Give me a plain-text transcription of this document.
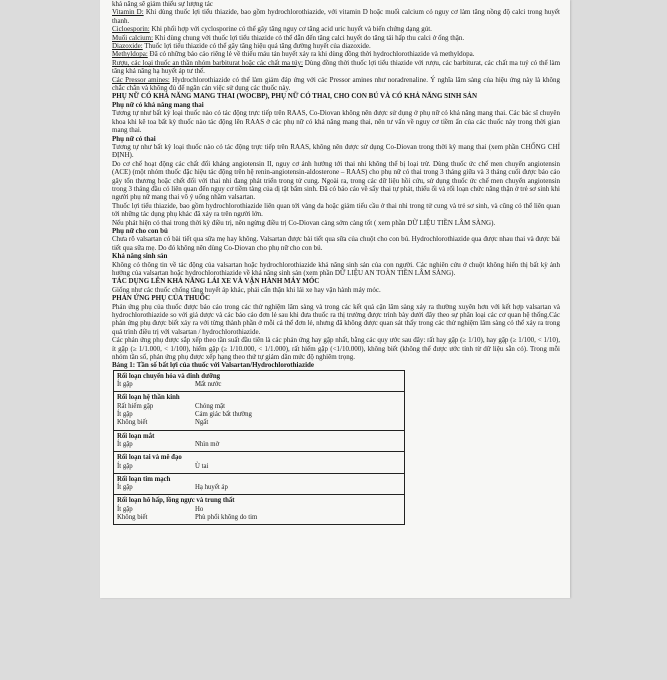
khả năng sẽ giảm thiểu sự lượng tác

Vitamin D: Khi dùng thuốc lợi tiểu thiazide, bao gồm hydrochlorothiazide, với vitamin D hoặc muối calcium có nguy cơ làm tăng nồng độ calci trong huyết thanh.

Cicloesporin: Khi phối hợp với cyclosporine có thể gây tăng nguy cơ tăng acid uric huyết và biến chứng dạng gút.

Muối calcium: Khi dùng chung với thuốc lợi tiểu thiazide có thể dẫn đến tăng calci huyết do tăng tái hấp thu calci ở ống thận.

Diazoxide: Thuốc lợi tiểu thiazide có thể gây tăng hiệu quả tăng đường huyết của diazoxide.

Methyldopa: Đã có những báo cáo riêng lẻ về thiếu máu tán huyết xảy ra khi dùng đồng thời hydrochlorothiazide và methyldopa.

Rượu, các loại thuốc an thần nhóm barbiturat hoặc các chất ma túy: Dùng đồng thời thuốc lợi tiểu thiazide với rượu, các barbiturat, các chất ma tuý có thể làm tăng khả năng hạ huyết áp tư thế.

Các Pressor amines: Hydrochlorothiazide có thể làm giảm đáp ứng với các Pressor amines như noradrenaline. Ý nghĩa lâm sàng của hiệu ứng này là không chắc chắn và không đủ để ngăn cản việc sử dụng các thuốc này.

PHỤ NỮ CÓ KHẢ NĂNG MANG THAI (WOCBP), PHỤ NỮ CÓ THAI, CHO CON BÚ VÀ CÓ KHẢ NĂNG SINH SẢN

Phụ nữ có khả năng mang thai

Tương tự như bất kỳ loại thuốc nào có tác động trực tiếp trên RAAS, Co-Diovan không nên được sử dụng ở phụ nữ có khả năng mang thai. Các bác sĩ chuyên khoa khi kê toa bất kỳ thuốc nào tác động lên RAAS ở các phụ nữ có khả năng mang thai, nên tư vấn về nguy cơ tiềm ẩn của các thuốc này trong thời gian mang thai.

Phụ nữ có thai

Tương tự như bất kỳ loại thuốc nào có tác động trực tiếp trên RAAS, không nên được sử dụng Co-Diovan trong thời kỳ mang thai (xem phần CHỐNG CHỈ ĐỊNH).

Do cơ chế hoạt động các chất đối kháng angiotensin II, nguy cơ ảnh hưởng tới thai nhi không thể bị loại trừ. Dùng thuốc ức chế men chuyển angiotensin (ACE) (một nhóm thuốc đặc hiệu tác động trên hệ renin-angiotensin-aldosterone – RAAS) cho phụ nữ có thai trong 3 tháng giữa và 3 tháng cuối được báo cáo gây tổn thương hoặc chết đối với thai nhi đang phát triển trong tử cung. Ngoài ra, trong các dữ liệu hồi cứu, sử dụng thuốc ức chế men chuyển angiotensin trong 3 tháng đầu có liên quan đến nguy cơ tiềm tàng của dị tật bẩm sinh. Đã có báo cáo về sẩy thai tự phát, thiểu ối và rối loạn chức năng thận ở trẻ sơ sinh khi người phụ nữ mang thai vô ý uống nhầm valsartan.

Thuốc lợi tiểu thiazide, bao gồm hydrochlorothiazide liên quan tới vàng da hoặc giảm tiểu cầu ở thai nhi trong tử cung và trẻ sơ sinh, và cũng có thể liên quan tới những tác dụng phụ khác đã xảy ra trên người lớn.

Nếu phát hiện có thai trong thời kỳ điều trị, nên ngừng điều trị Co-Diovan càng sớm càng tốt ( xem phần DỮ LIỆU TIỀN LÂM SÀNG).

Phụ nữ cho con bú

Chưa rõ valsartan có bài tiết qua sữa mẹ hay không. Valsartan được bài tiết qua sữa của chuột cho con bú. Hydrochlorothiazide qua được nhau thai và được bài tiết qua sữa mẹ. Do đó không nên dùng Co-Diovan cho phụ nữ cho con bú.

Khả năng sinh sản

Không có thông tin về tác động của valsartan hoặc hydrochlorothiazide khả năng sinh sản của con người. Các nghiên cứu ở chuột không hiển thị bất kỳ ảnh hưởng của valsartan hoặc hydrochlorothiazide về khả năng sinh sản (xem phần DỮ LIỆU AN TOÀN TIỀN LÂM SÀNG).

TÁC DỤNG LÊN KHẢ NĂNG LÁI XE VÀ VẬN HÀNH MÁY MÓC

Giống như các thuốc chống tăng huyết áp khác, phải cẩn thận khi lái xe hay vận hành máy móc.

PHẢN ỨNG PHỤ CỦA THUỐC

Phản ứng phụ của thuốc được báo cáo trong các thử nghiệm lâm sàng và trong các kết quả cận lâm sàng xảy ra thường xuyên hơn với kết hợp valsartan và hydrochlorothiazide so với giả dược và các báo cáo đơn lẻ sau khi đưa thuốc ra thị trường được trình bày dưới đây theo sự phân loại các cơ quan hệ thống.Các phản ứng phụ được biết xảy ra với từng thành phần ở mỗi cá thể đơn lẻ, nhưng đã không được quan sát thấy trong các thử nghiệm lâm sàng có thể xảy ra trong quá trình điều trị với valsartan / hydrochlorothiazide.

Các phản ứng phụ được sắp xếp theo tần suất đầu tiên là các phản ứng hay gặp nhất, bằng các quy ước sau đây: rất hay gặp (≥ 1/10), hay gặp (≥ 1/100, < 1/10), ít gặp (≥ 1/1.000, < 1/100), hiếm gặp (≥ 1/10.000, < 1/1.000), rất hiếm gặp (<1/10.000), không biết (không thể được ước tính từ dữ liệu sẵn có). Trong mỗi nhóm tần số, phản ứng phụ được xếp hạng theo thứ tự giảm dần mức độ nghiêm trọng.

Bảng 1: Tần số bất lợi của thuốc với Valsartan/Hydrochlorothiazide

Rối loạn chuyển hóa và dinh dưỡng
Ít gặp	Mất nước
Rối loạn hệ thần kinh
Rất hiếm gặp	Chóng mặt
Ít gặp	Cảm giác bất thường
Không biết	Ngất
Rối loạn mắt
Ít gặp	Nhìn mờ
Rối loạn tai và mê đạo
Ít gặp	Ù tai
Rối loạn tim mạch
Ít gặp	Hạ huyết áp
Rối loạn hô hấp, lồng ngực và trung thất
Ít gặp	Ho
Không biết	Phù phổi không do tim
